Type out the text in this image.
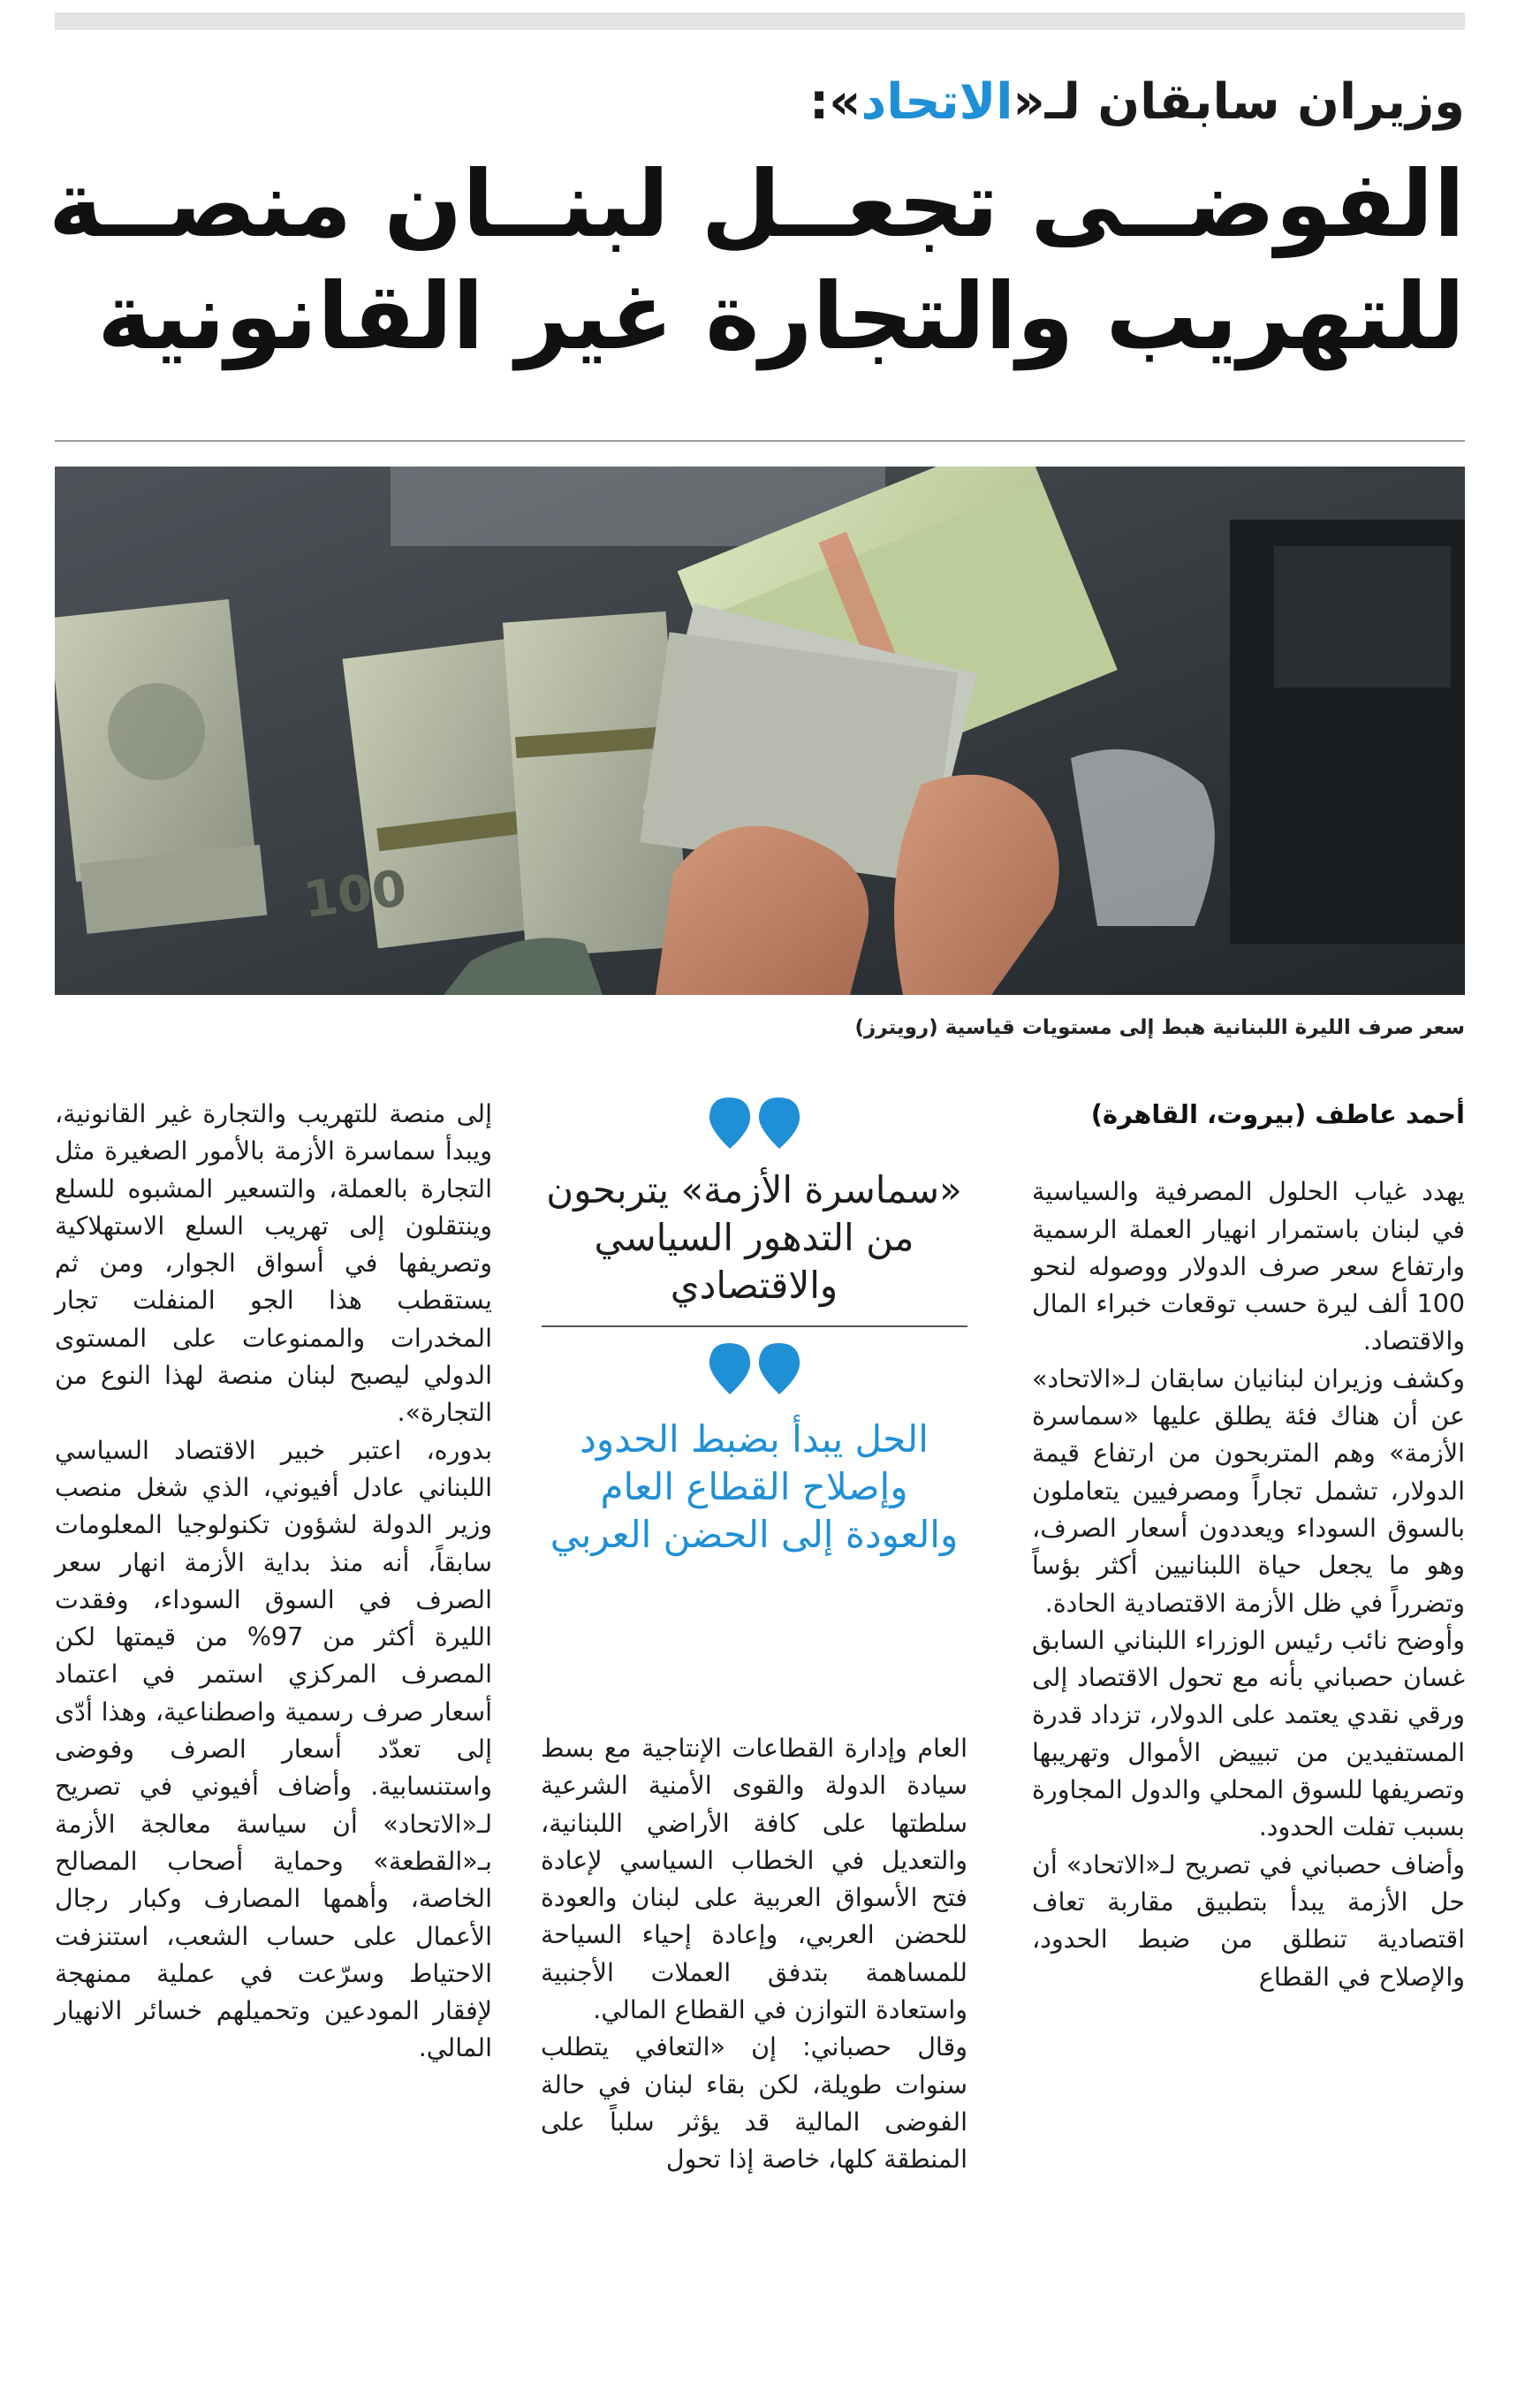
وزيران سابقان لـ«الاتحاد»:
الفوضــى تجعــل لبنــان منصــة
للتهريب والتجارة غير القانونية
100
سعر صرف الليرة اللبنانية هبط إلى مستويات قياسية (رويترز)

أحمد عاطف (بيروت، القاهرة)

يهدد غياب الحلول المصرفية والسياسية في لبنان باستمرار انهيار العملة الرسمية وارتفاع سعر صرف الدولار ووصوله لنحو 100 ألف ليرة حسب توقعات خبراء المال والاقتصاد.

وكشف وزيران لبنانيان سابقان لـ«الاتحاد» عن أن هناك فئة يطلق عليها «سماسرة الأزمة» وهم المتربحون من ارتفاع قيمة الدولار، تشمل تجاراً ومصرفيين يتعاملون بالسوق السوداء ويعددون أسعار الصرف، وهو ما يجعل حياة اللبنانيين أكثر بؤساً وتضرراً في ظل الأزمة الاقتصادية الحادة.

وأوضح نائب رئيس الوزراء اللبناني السابق غسان حصباني بأنه مع تحول الاقتصاد إلى ورقي نقدي يعتمد على الدولار، تزداد قدرة المستفيدين من تبييض الأموال وتهريبها وتصريفها للسوق المحلي والدول المجاورة بسبب تفلت الحدود.

وأضاف حصباني في تصريح لـ«الاتحاد» أن حل الأزمة يبدأ بتطبيق مقاربة تعاف اقتصادية تنطلق من ضبط الحدود، والإصلاح في القطاع

«سماسرة الأزمة» يتربحون من التدهور السياسي والاقتصادي

الحل يبدأ بضبط الحدود وإصلاح القطاع العام والعودة إلى الحضن العربي

العام وإدارة القطاعات الإنتاجية مع بسط سيادة الدولة والقوى الأمنية الشرعية سلطتها على كافة الأراضي اللبنانية، والتعديل في الخطاب السياسي لإعادة فتح الأسواق العربية على لبنان والعودة للحضن العربي، وإعادة إحياء السياحة للمساهمة بتدفق العملات الأجنبية واستعادة التوازن في القطاع المالي.

وقال حصباني: إن «التعافي يتطلب سنوات طويلة، لكن بقاء لبنان في حالة الفوضى المالية قد يؤثر سلباً على المنطقة كلها، خاصة إذا تحول

إلى منصة للتهريب والتجارة غير القانونية، ويبدأ سماسرة الأزمة بالأمور الصغيرة مثل التجارة بالعملة، والتسعير المشبوه للسلع وينتقلون إلى تهريب السلع الاستهلاكية وتصريفها في أسواق الجوار، ومن ثم يستقطب هذا الجو المنفلت تجار المخدرات والممنوعات على المستوى الدولي ليصبح لبنان منصة لهذا النوع من التجارة».

بدوره، اعتبر خبير الاقتصاد السياسي اللبناني عادل أفيوني، الذي شغل منصب وزير الدولة لشؤون تكنولوجيا المعلومات سابقاً، أنه منذ بداية الأزمة انهار سعر الصرف في السوق السوداء، وفقدت الليرة أكثر من 97% من قيمتها لكن المصرف المركزي استمر في اعتماد أسعار صرف رسمية واصطناعية، وهذا أدّى إلى تعدّد أسعار الصرف وفوضى واستنسابية. وأضاف أفيوني في تصريح لـ«الاتحاد» أن سياسة معالجة الأزمة بـ«القطعة» وحماية أصحاب المصالح الخاصة، وأهمها المصارف وكبار رجال الأعمال على حساب الشعب، استنزفت الاحتياط وسرّعت في عملية ممنهجة لإفقار المودعين وتحميلهم خسائر الانهيار المالي.
